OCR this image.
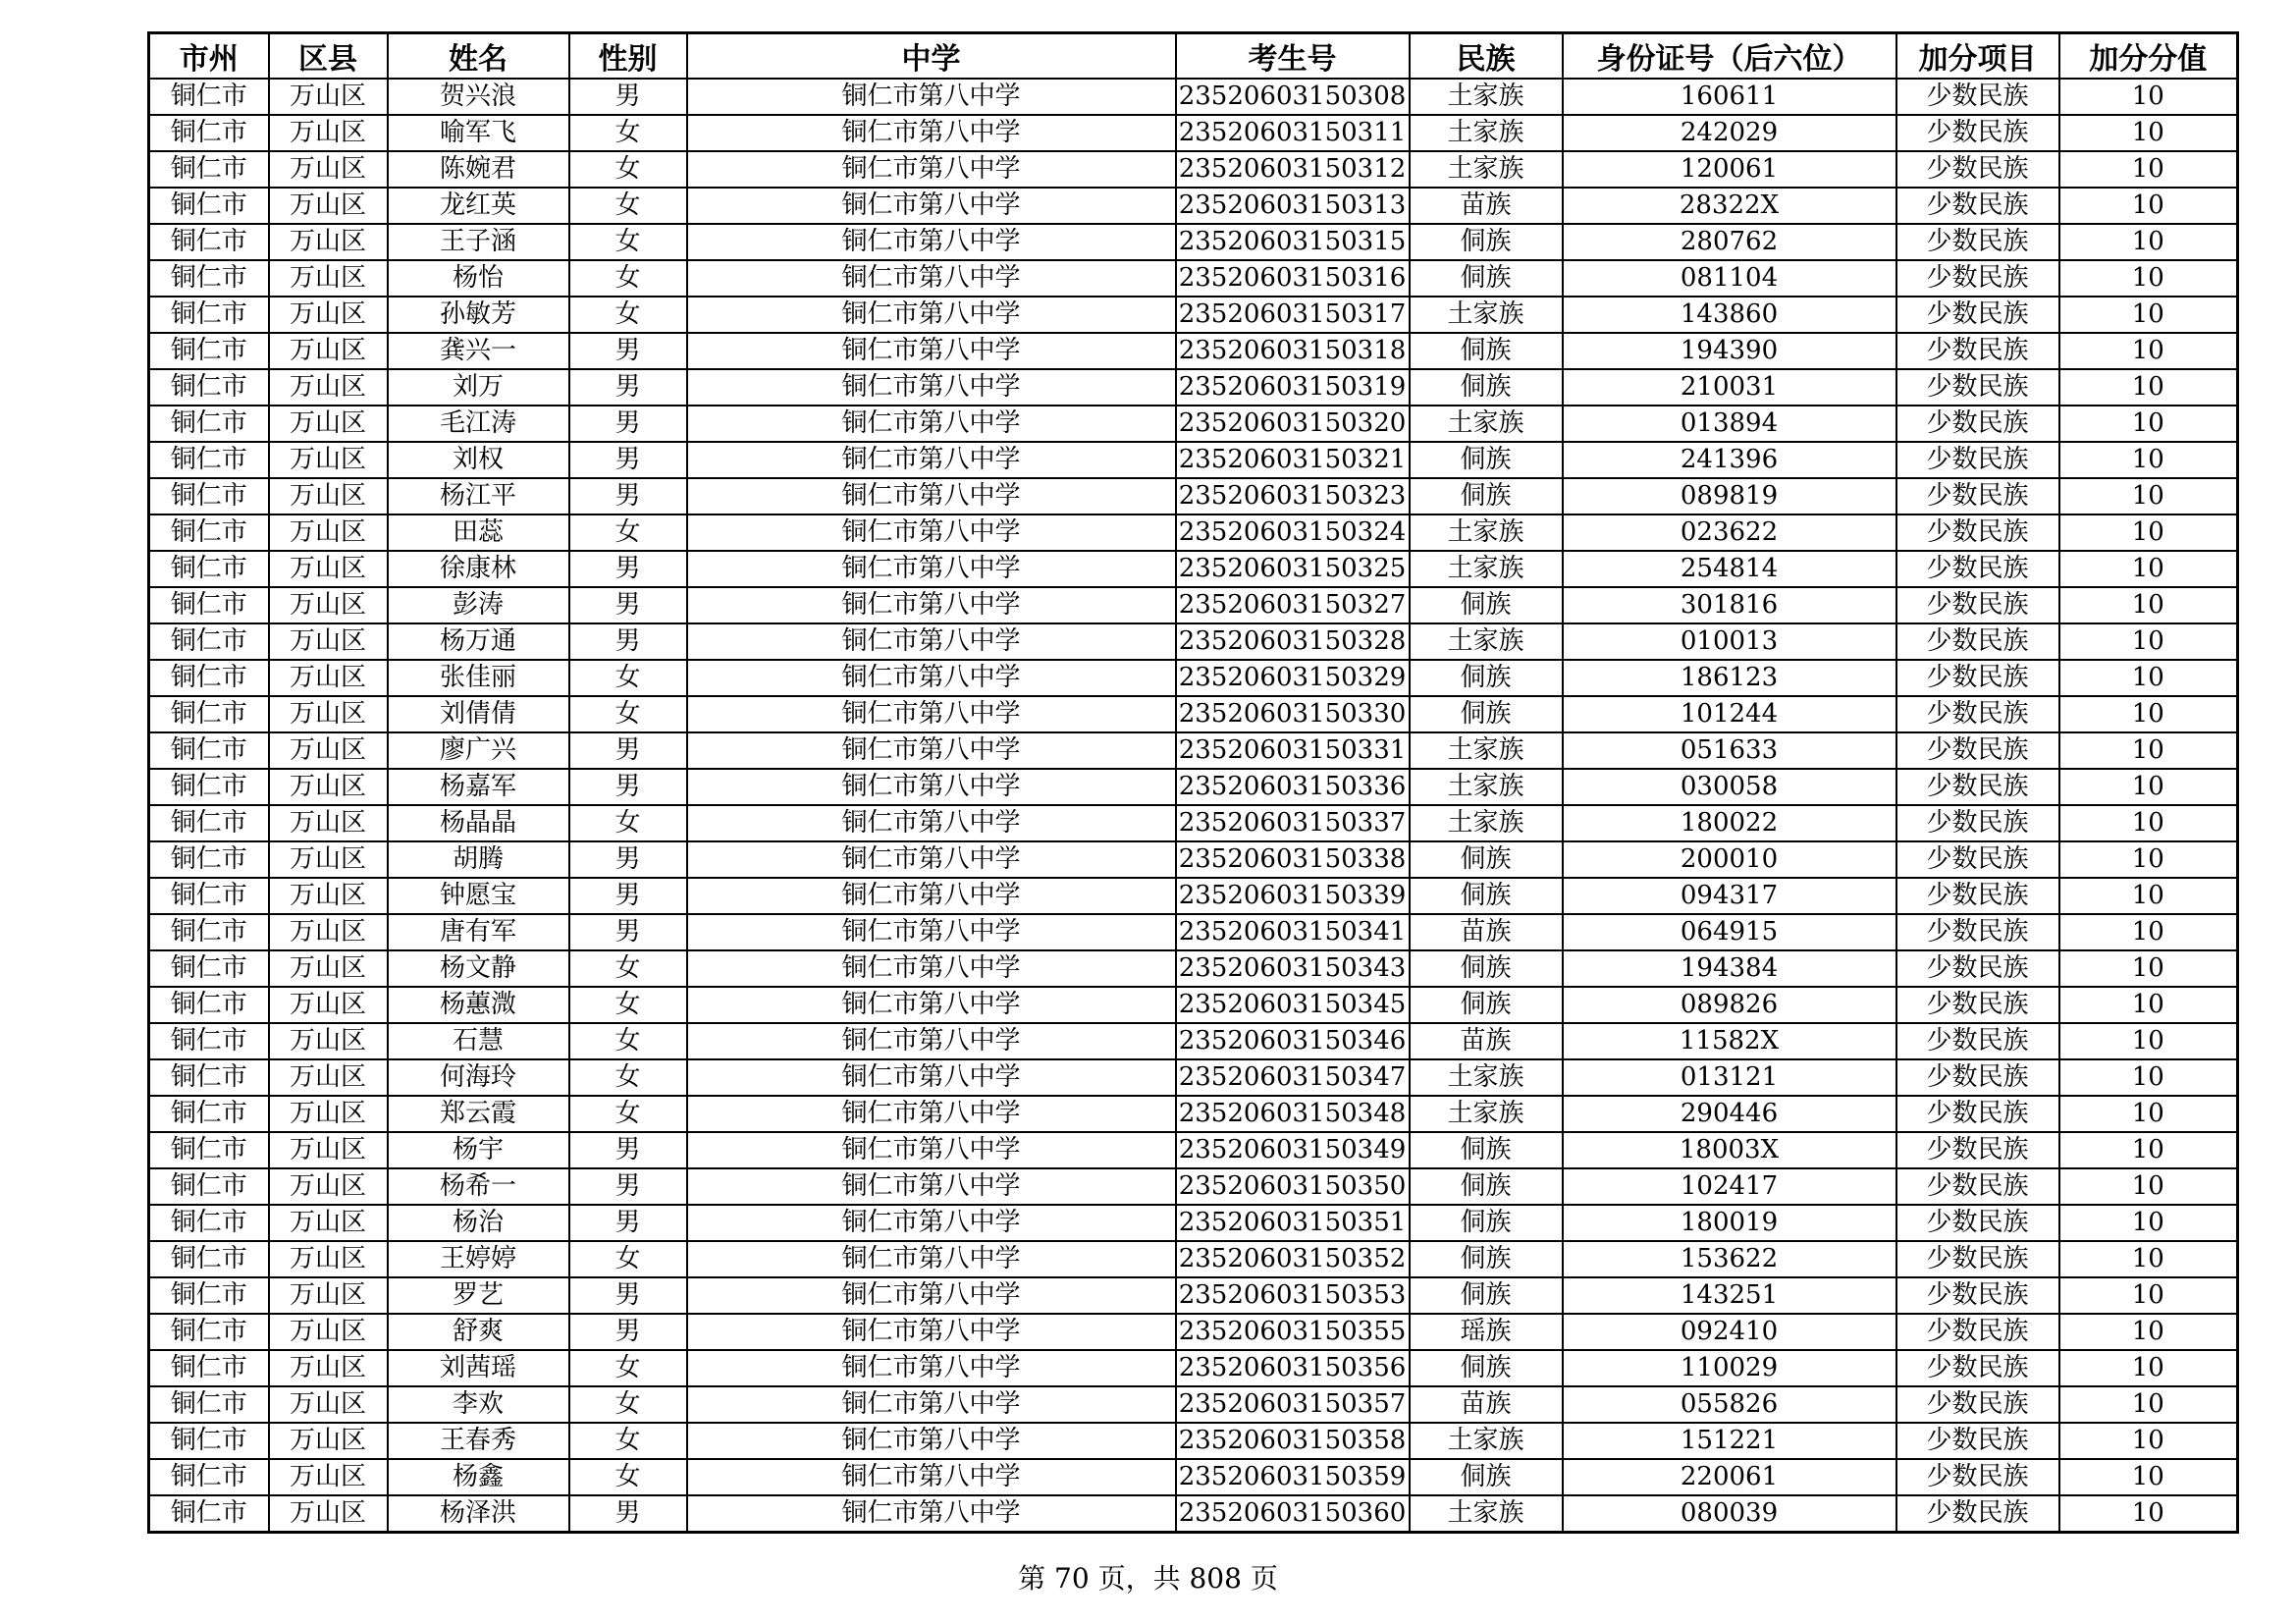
市州	区县	姓名	性别	中学	考生号	民族	身份证号（后六位）	加分项目	加分分值
铜仁市	万山区	贺兴浪	男	铜仁市第八中学	23520603150308	土家族	160611	少数民族	10
铜仁市	万山区	喻军飞	女	铜仁市第八中学	23520603150311	土家族	242029	少数民族	10
铜仁市	万山区	陈婉君	女	铜仁市第八中学	23520603150312	土家族	120061	少数民族	10
铜仁市	万山区	龙红英	女	铜仁市第八中学	23520603150313	苗族	28322X	少数民族	10
铜仁市	万山区	王子涵	女	铜仁市第八中学	23520603150315	侗族	280762	少数民族	10
铜仁市	万山区	杨怡	女	铜仁市第八中学	23520603150316	侗族	081104	少数民族	10
铜仁市	万山区	孙敏芳	女	铜仁市第八中学	23520603150317	土家族	143860	少数民族	10
铜仁市	万山区	龚兴一	男	铜仁市第八中学	23520603150318	侗族	194390	少数民族	10
铜仁市	万山区	刘万	男	铜仁市第八中学	23520603150319	侗族	210031	少数民族	10
铜仁市	万山区	毛江涛	男	铜仁市第八中学	23520603150320	土家族	013894	少数民族	10
铜仁市	万山区	刘权	男	铜仁市第八中学	23520603150321	侗族	241396	少数民族	10
铜仁市	万山区	杨江平	男	铜仁市第八中学	23520603150323	侗族	089819	少数民族	10
铜仁市	万山区	田蕊	女	铜仁市第八中学	23520603150324	土家族	023622	少数民族	10
铜仁市	万山区	徐康林	男	铜仁市第八中学	23520603150325	土家族	254814	少数民族	10
铜仁市	万山区	彭涛	男	铜仁市第八中学	23520603150327	侗族	301816	少数民族	10
铜仁市	万山区	杨万通	男	铜仁市第八中学	23520603150328	土家族	010013	少数民族	10
铜仁市	万山区	张佳丽	女	铜仁市第八中学	23520603150329	侗族	186123	少数民族	10
铜仁市	万山区	刘倩倩	女	铜仁市第八中学	23520603150330	侗族	101244	少数民族	10
铜仁市	万山区	廖广兴	男	铜仁市第八中学	23520603150331	土家族	051633	少数民族	10
铜仁市	万山区	杨嘉军	男	铜仁市第八中学	23520603150336	土家族	030058	少数民族	10
铜仁市	万山区	杨晶晶	女	铜仁市第八中学	23520603150337	土家族	180022	少数民族	10
铜仁市	万山区	胡腾	男	铜仁市第八中学	23520603150338	侗族	200010	少数民族	10
铜仁市	万山区	钟愿宝	男	铜仁市第八中学	23520603150339	侗族	094317	少数民族	10
铜仁市	万山区	唐有军	男	铜仁市第八中学	23520603150341	苗族	064915	少数民族	10
铜仁市	万山区	杨文静	女	铜仁市第八中学	23520603150343	侗族	194384	少数民族	10
铜仁市	万山区	杨蕙溦	女	铜仁市第八中学	23520603150345	侗族	089826	少数民族	10
铜仁市	万山区	石慧	女	铜仁市第八中学	23520603150346	苗族	11582X	少数民族	10
铜仁市	万山区	何海玲	女	铜仁市第八中学	23520603150347	土家族	013121	少数民族	10
铜仁市	万山区	郑云霞	女	铜仁市第八中学	23520603150348	土家族	290446	少数民族	10
铜仁市	万山区	杨宇	男	铜仁市第八中学	23520603150349	侗族	18003X	少数民族	10
铜仁市	万山区	杨希一	男	铜仁市第八中学	23520603150350	侗族	102417	少数民族	10
铜仁市	万山区	杨治	男	铜仁市第八中学	23520603150351	侗族	180019	少数民族	10
铜仁市	万山区	王婷婷	女	铜仁市第八中学	23520603150352	侗族	153622	少数民族	10
铜仁市	万山区	罗艺	男	铜仁市第八中学	23520603150353	侗族	143251	少数民族	10
铜仁市	万山区	舒爽	男	铜仁市第八中学	23520603150355	瑶族	092410	少数民族	10
铜仁市	万山区	刘茜瑶	女	铜仁市第八中学	23520603150356	侗族	110029	少数民族	10
铜仁市	万山区	李欢	女	铜仁市第八中学	23520603150357	苗族	055826	少数民族	10
铜仁市	万山区	王春秀	女	铜仁市第八中学	23520603150358	土家族	151221	少数民族	10
铜仁市	万山区	杨鑫	女	铜仁市第八中学	23520603150359	侗族	220061	少数民族	10
铜仁市	万山区	杨泽洪	男	铜仁市第八中学	23520603150360	土家族	080039	少数民族	10
第 70 页，共 808 页
